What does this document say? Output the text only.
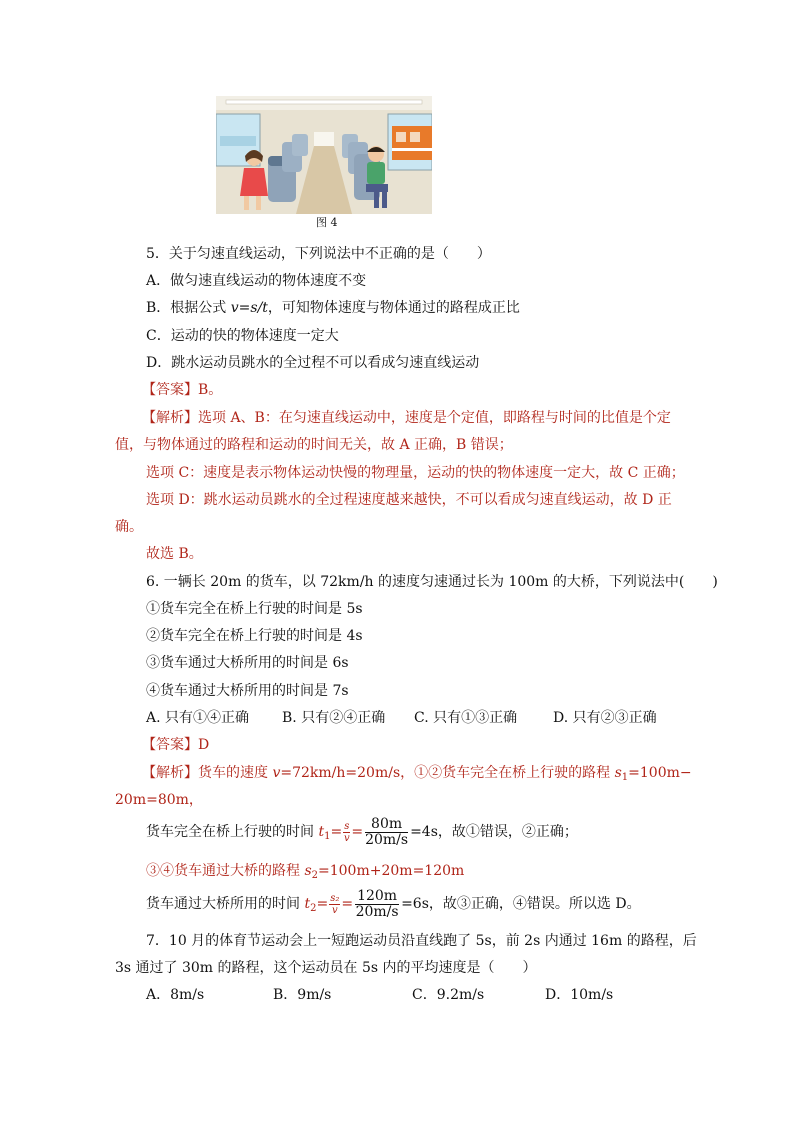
图 4
5．关于匀速直线运动，下列说法中不正确的是（　　）
A．做匀速直线运动的物体速度不变
B．根据公式 v=s/t，可知物体速度与物体通过的路程成正比
C．运动的快的物体速度一定大
D．跳水运动员跳水的全过程不可以看成匀速直线运动
【答案】B。
【解析】选项 A、B：在匀速直线运动中，速度是个定值，即路程与时间的比值是个定
值，与物体通过的路程和运动的时间无关，故 A 正确，B 错误；
选项 C：速度是表示物体运动快慢的物理量，运动的快的物体速度一定大，故 C 正确；
选项 D：跳水运动员跳水的全过程速度越来越快，不可以看成匀速直线运动，故 D 正
确。
故选 B。
6. 一辆长 20m 的货车，以 72km/h 的速度匀速通过长为 100m 的大桥，下列说法中(　　)
①货车完全在桥上行驶的时间是 5s
②货车完全在桥上行驶的时间是 4s
③货车通过大桥所用的时间是 6s
④货车通过大桥所用的时间是 7s
A. 只有①④正确 B. 只有②④正确 C. 只有①③正确	D. 只有②③正确
【答案】D
【解析】货车的速度 v=72km/h=20m/s，①②货车完全在桥上行驶的路程 $s_1=100m-$
20m=80m，
货车完全在桥上行驶的时间 $t_1= \frac{s}{v} = \frac{80m}{20m/s} =4s$，故①错误，②正确；
③④货车通过大桥的路程 $s_2=100m+20m=120m$
货车通过大桥所用的时间 $t_2= \frac{\text{s₂}}{v} = \frac{120m}{20m/s} =6s$，故③正确，④错误。所以选 D。
7．10 月的体育节运动会上一短跑运动员沿直线跑了 5s，前 2s 内通过 16m 的路程，后
3s 通过了 30m 的路程，这个运动员在 5s 内的平均速度是（　　）
A．8m/s	B．9m/s	C．9.2m/s	D．10m/s
